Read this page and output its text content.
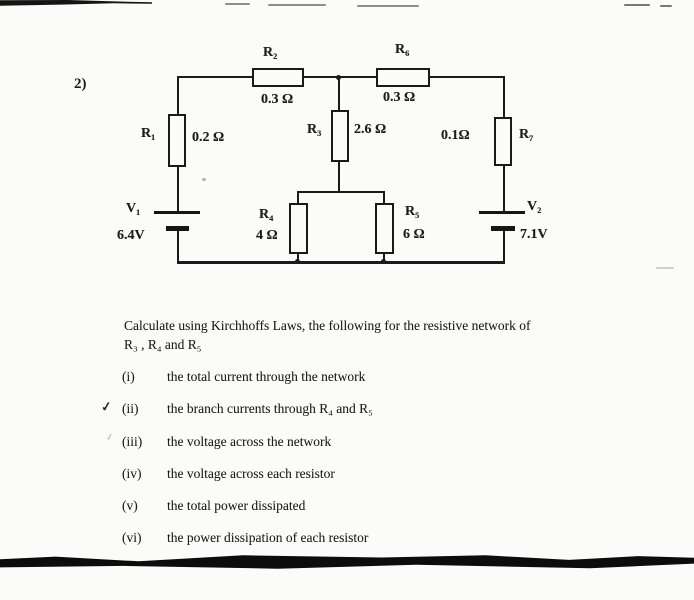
2)
R₂
0.3 Ω
R₆
0.3 Ω
R₁	0.2 Ω
R₃ 2.6 Ω	0.1Ω	R₇
V₁
6.4V
R₄
4 Ω
R₅
6 Ω
V₂
7.1V
Calculate using Kirchhoffs Laws, the following for the resistive network of
R₃ , R₄ and R₅
✓
✓
(i) the total current through the network
(ii) the branch currents through R₄ and R₅
(iii) the voltage across the network
(iv) the voltage across each resistor
(v) the total power dissipated
(vi) the power dissipation of each resistor
